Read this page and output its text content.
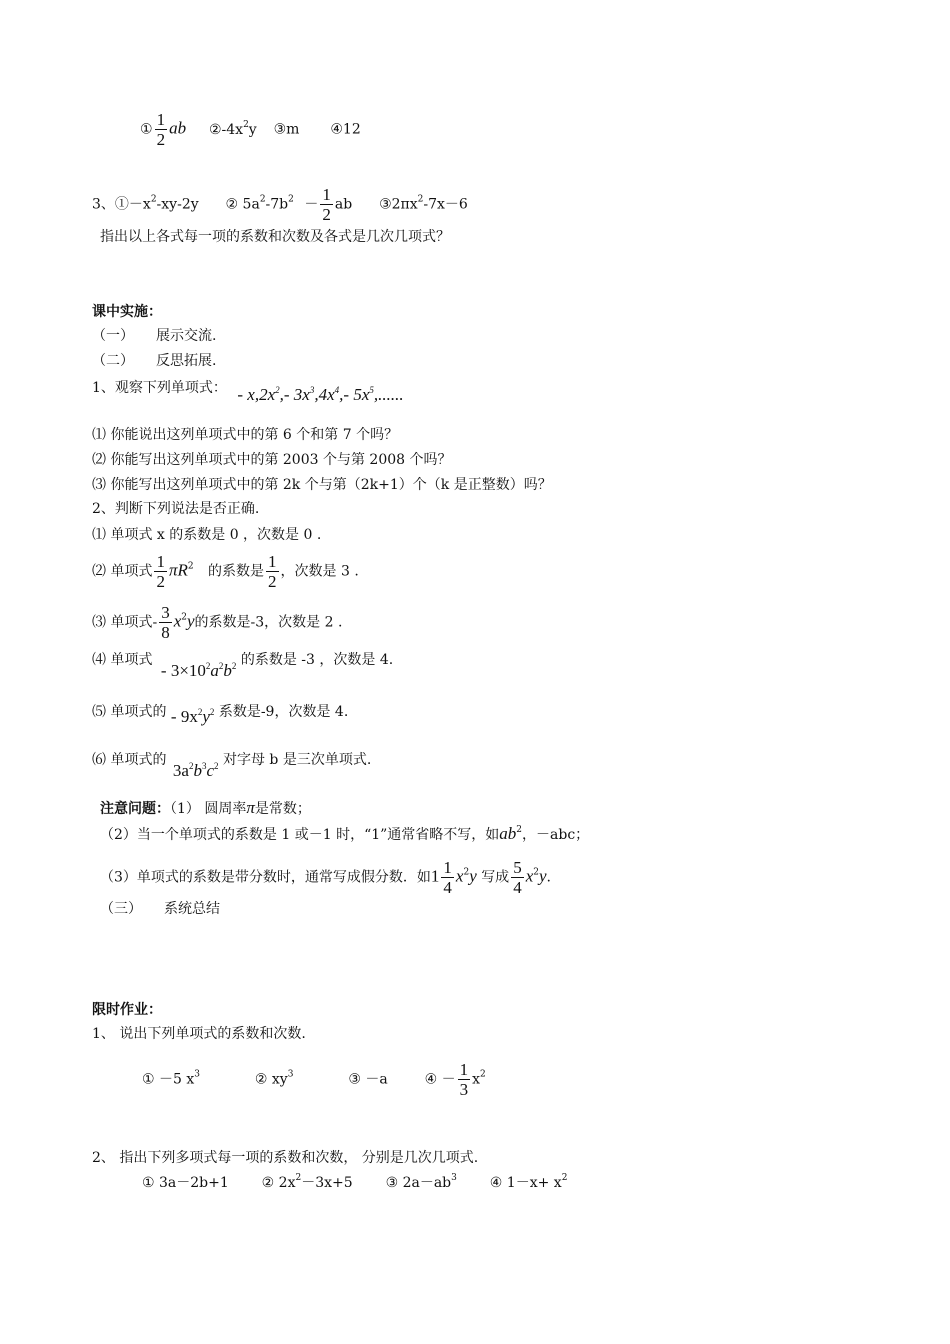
① $\frac{1}{2}$ ab $②-4x^2y$ ③m ④12
3、$①-x^2-xy-2y$ ② $5a^2-7b^2 - \frac{1}{2}$ ab $③2\pi x^2-7x-6$
指出以上各式每一项的系数和次数及各式是几次几项式？
课中实施：
（一） 展示交流.
（二） 反思拓展.
1、观察下列单项式： - $x,2x^2,-$ $3x^3,4x^4,-$ $5x^5$,......
⑴ 你能说出这列单项式中的第 6 个和第 7 个吗？
⑵ 你能写出这列单项式中的第 2003 个与第 2008 个吗？
⑶ 你能写出这列单项式中的第 2k 个与第（2k+1）个（k 是正整数）吗？
2、判断下列说法是否正确.
⑴ 单项式 x 的系数是 0 ，次数是 0 .
⑵ 单项式 $\frac{1}{2} \pi R^2$ 的系数是 $\frac{1}{2}$ ，次数是 3 .
⑶ 单项式- $\frac{3}{8} x^2y$的系数是-3，次数是 2 .
⑷ 单项式 - $3\times 10^2a^2b^2$ 的系数是 -3 ，次数是 4.
⑸ 单项式的 - $9x^2y^2$ 系数是-9，次数是 4.
⑹ 单项式的 $3a^2b^3c^2$ 对字母 b 是三次单项式.
注意问题：（1） 圆周率π是常数；
（2）当一个单项式的系数是 1 或－1 时，“1”通常省略不写，如$ab^2$，－abc；
（3）单项式的系数是带分数时，通常写成假分数．如$1 \frac{1}{4} x^2y$ 写成 $\frac{5}{4} x^2y$.
（三） 系统总结
限时作业：
1、 说出下列单项式的系数和次数.
① －5 $x^3$	② $xy^3$	③ －a	④ － $\frac{1}{3} x^2$
2、 指出下列多项式每一项的系数和次数， 分别是几次几项式.
① 3a－2b+1 ② $2x^2-3x+5$ ③ $2a-ab^3$ ④ $1-x+ x^2$
